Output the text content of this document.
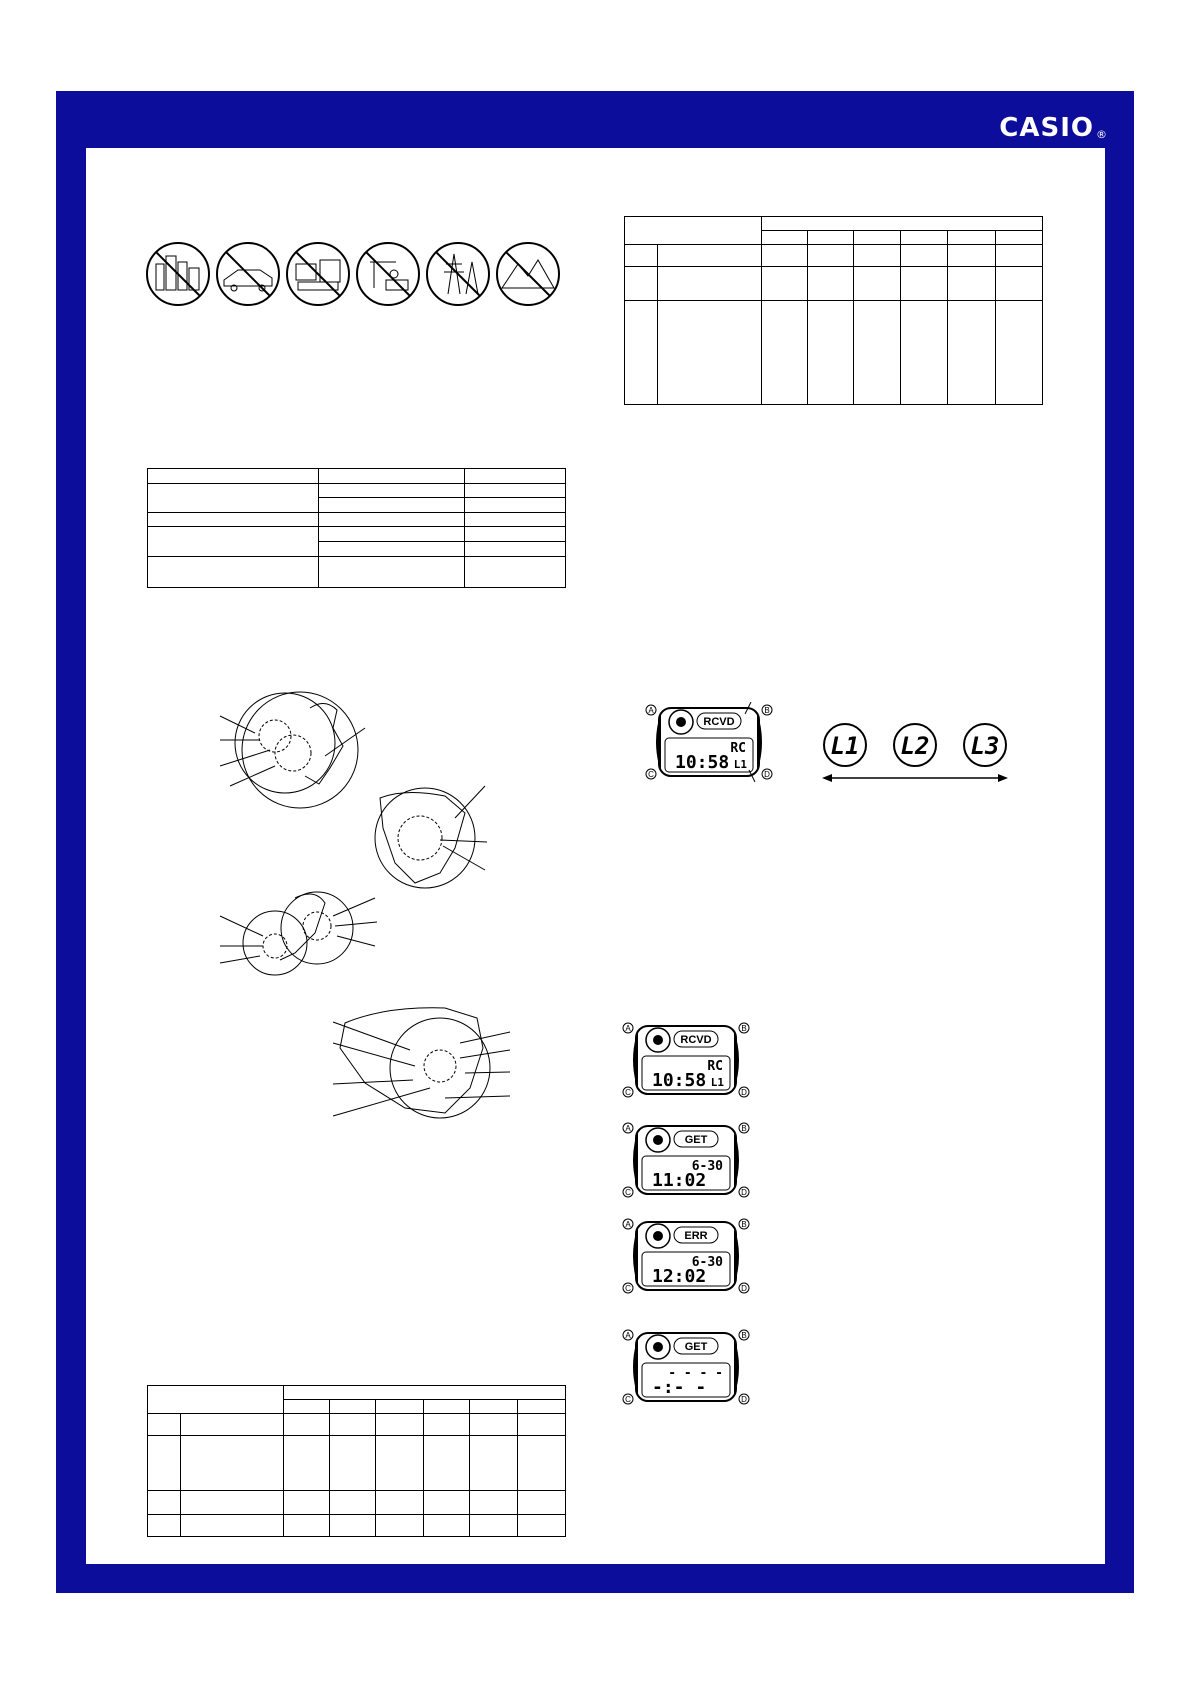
CASIO ®

RCVD
RC
10:58 L1
A	B
C	D
RCVD
RC
10:58 L1
A	B
C	D
GET
6-30
11:02
A	B
C	D
ERR
6-30
12:02
A	B
C	D
GET
- - - -
-:- -
A	B
C	D
L1 L2 L3
